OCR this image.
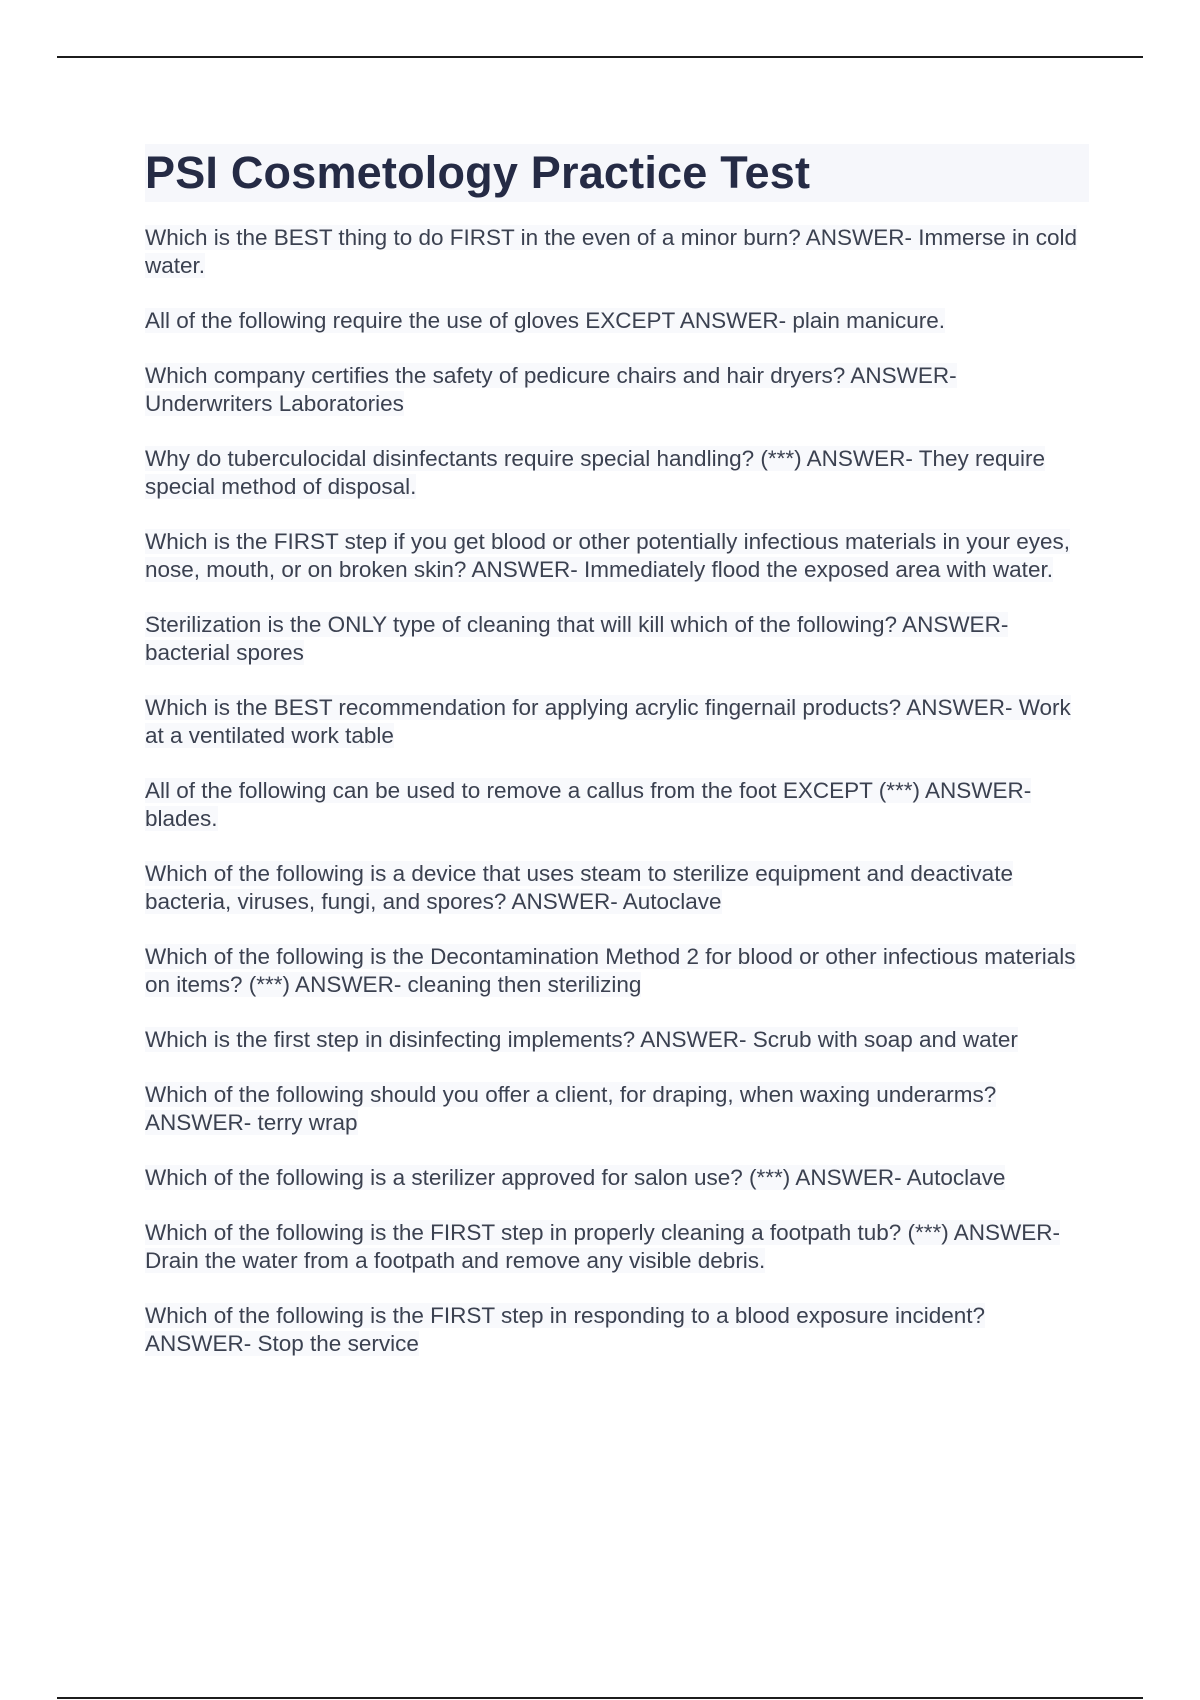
PSI Cosmetology Practice Test
Which is the BEST thing to do FIRST in the even of a minor burn? ANSWER- Immerse in cold water.
All of the following require the use of gloves EXCEPT ANSWER- plain manicure.
Which company certifies the safety of pedicure chairs and hair dryers? ANSWER- Underwriters Laboratories
Why do tuberculocidal disinfectants require special handling? (***) ANSWER- They require special method of disposal.
Which is the FIRST step if you get blood or other potentially infectious materials in your eyes, nose, mouth, or on broken skin? ANSWER- Immediately flood the exposed area with water.
Sterilization is the ONLY type of cleaning that will kill which of the following? ANSWER- bacterial spores
Which is the BEST recommendation for applying acrylic fingernail products? ANSWER- Work at a ventilated work table
All of the following can be used to remove a callus from the foot EXCEPT (***) ANSWER- blades.
Which of the following is a device that uses steam to sterilize equipment and deactivate bacteria, viruses, fungi, and spores? ANSWER- Autoclave
Which of the following is the Decontamination Method 2 for blood or other infectious materials on items? (***) ANSWER- cleaning then sterilizing
Which is the first step in disinfecting implements? ANSWER- Scrub with soap and water
Which of the following should you offer a client, for draping, when waxing underarms? ANSWER- terry wrap
Which of the following is a sterilizer approved for salon use? (***) ANSWER- Autoclave
Which of the following is the FIRST step in properly cleaning a footpath tub? (***) ANSWER- Drain the water from a footpath and remove any visible debris.
Which of the following is the FIRST step in responding to a blood exposure incident? ANSWER- Stop the service
